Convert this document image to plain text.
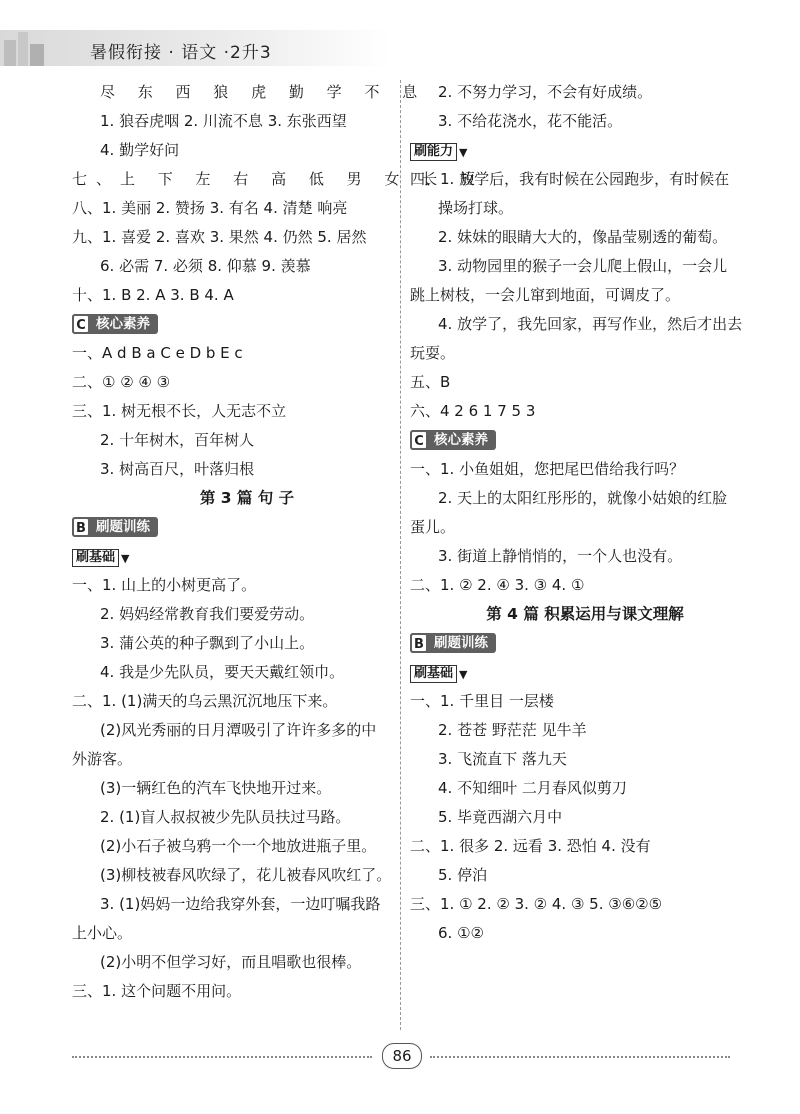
暑假衔接 · 语文 ·2升3
尽 东 西 狼 虎 勤 学 不 息
1. 狼吞虎咽 2. 川流不息 3. 东张西望
4. 勤学好问
七、上 下 左 右 高 低 男 女 长 短
八、1. 美丽 2. 赞扬 3. 有名 4. 清楚 响亮
九、1. 喜爱 2. 喜欢 3. 果然 4. 仍然 5. 居然
6. 必需 7. 必须 8. 仰慕 9. 羡慕
十、1. B 2. A 3. B 4. A
C 核心素养
一、A d B a C e D b E c
二、① ② ④ ③
三、1. 树无根不长，人无志不立
2. 十年树木，百年树人
3. 树高百尺，叶落归根
第 3 篇 句 子
B 刷题训练
刷基础 ▼
一、1. 山上的小树更高了。
2. 妈妈经常教育我们要爱劳动。
3. 蒲公英的种子飘到了小山上。
4. 我是少先队员，要天天戴红领巾。
二、1. (1)满天的乌云黑沉沉地压下来。
(2)风光秀丽的日月潭吸引了许许多多的中
外游客。
(3)一辆红色的汽车飞快地开过来。
2. (1)盲人叔叔被少先队员扶过马路。
(2)小石子被乌鸦一个一个地放进瓶子里。
(3)柳枝被春风吹绿了，花儿被春风吹红了。
3. (1)妈妈一边给我穿外套，一边叮嘱我路
上小心。
(2)小明不但学习好，而且唱歌也很棒。
三、1. 这个问题不用问。
2. 不努力学习，不会有好成绩。
3. 不给花浇水，花不能活。
刷能力 ▼
四、1. 放学后，我有时候在公园跑步，有时候在
操场打球。
2. 妹妹的眼睛大大的，像晶莹剔透的葡萄。
3. 动物园里的猴子一会儿爬上假山，一会儿
跳上树枝，一会儿窜到地面，可调皮了。
4. 放学了，我先回家，再写作业，然后才出去
玩耍。
五、B
六、4 2 6 1 7 5 3
C 核心素养
一、1. 小鱼姐姐，您把尾巴借给我行吗？
2. 天上的太阳红彤彤的，就像小姑娘的红脸
蛋儿。
3. 街道上静悄悄的，一个人也没有。
二、1. ② 2. ④ 3. ③ 4. ①
第 4 篇 积累运用与课文理解
B 刷题训练
刷基础 ▼
一、1. 千里目 一层楼
2. 苍苍 野茫茫 见牛羊
3. 飞流直下 落九天
4. 不知细叶 二月春风似剪刀
5. 毕竟西湖六月中
二、1. 很多 2. 远看 3. 恐怕 4. 没有
5. 停泊
三、1. ① 2. ② 3. ② 4. ③ 5. ③⑥②⑤
6. ①②
86
